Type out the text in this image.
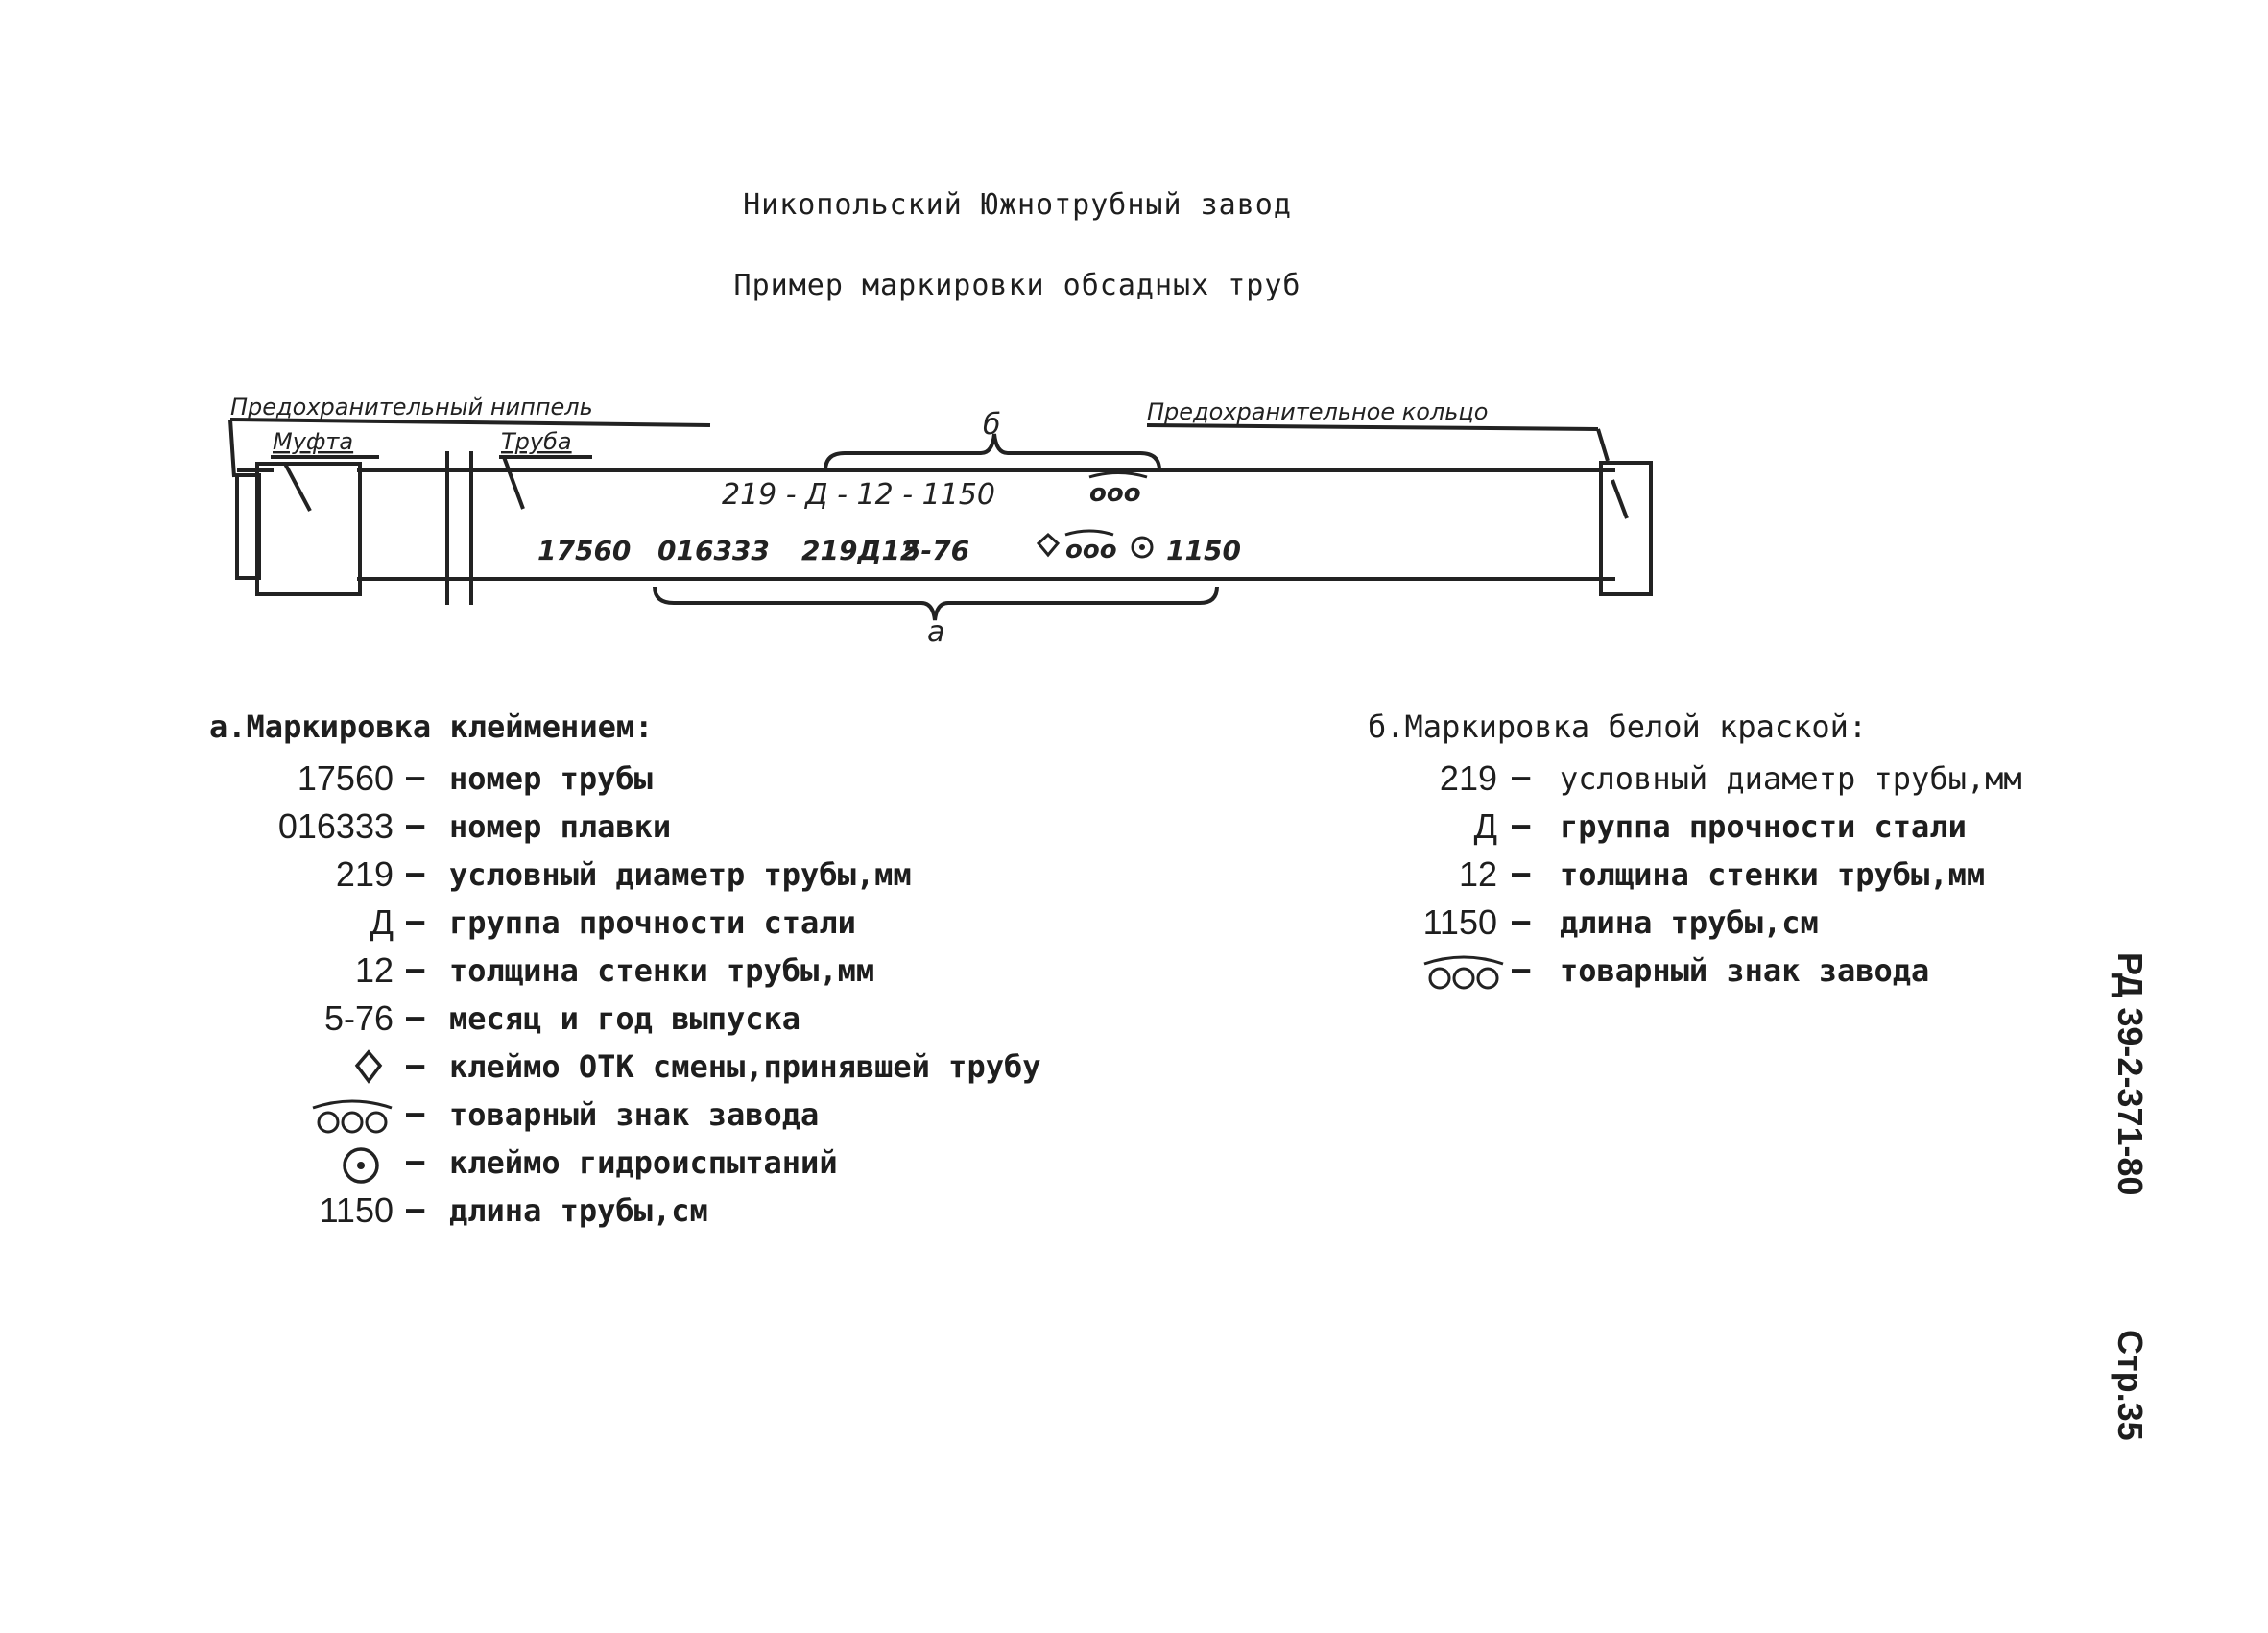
Никопольский Южнотрубный завод
Пример маркировки обсадных труб
Предохранительный ниппель
Муфта	Труба
Предохранительное кольцо
б
а
219 - Д - 12 - 1150	ооо
17560 016333 219Д12
5-76	ооо 1150
а.Маркировка клеймением:
17560 – номер трубы
016333 – номер плавки
219 – условный диаметр трубы,мм
Д – группа прочности стали
12 – толщина стенки трубы,мм
5-76 – месяц и год выпуска
– клеймо ОТК смены,принявшей трубу
– товарный знак завода
– клеймо гидроиспытаний
1150 – длина трубы,см
б.Маркировка белой краской:
219 – условный диаметр трубы,мм
Д – группа прочности стали
12 – толщина стенки трубы,мм
1150 – длина трубы,см
– товарный знак завода	РД 39-2-371-80
Стр.35
